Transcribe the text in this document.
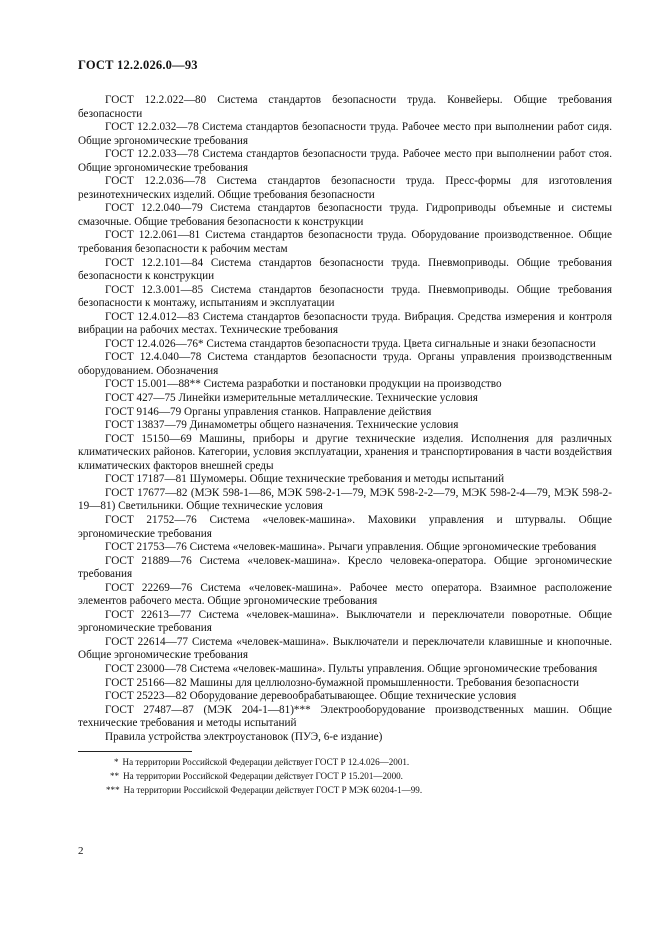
ГОСТ 12.2.026.0—93

ГОСТ 12.2.022—80 Система стандартов безопасности труда. Конвейеры. Общие требования безопасности

ГОСТ 12.2.032—78 Система стандартов безопасности труда. Рабочее место при выполнении работ сидя. Общие эргономические требования

ГОСТ 12.2.033—78 Система стандартов безопасности труда. Рабочее место при выполнении работ стоя. Общие эргономические требования

ГОСТ 12.2.036—78 Система стандартов безопасности труда. Пресс-формы для изготовления резинотехнических изделий. Общие требования безопасности

ГОСТ 12.2.040—79 Система стандартов безопасности труда. Гидроприводы объемные и системы смазочные. Общие требования безопасности к конструкции

ГОСТ 12.2.061—81 Система стандартов безопасности труда. Оборудование производственное. Общие требования безопасности к рабочим местам

ГОСТ 12.2.101—84 Система стандартов безопасности труда. Пневмоприводы. Общие требования безопасности к конструкции

ГОСТ 12.3.001—85 Система стандартов безопасности труда. Пневмоприводы. Общие требования безопасности к монтажу, испытаниям и эксплуатации

ГОСТ 12.4.012—83 Система стандартов безопасности труда. Вибрация. Средства измерения и контроля вибрации на рабочих местах. Технические требования

ГОСТ 12.4.026—76* Система стандартов безопасности труда. Цвета сигнальные и знаки безопасности

ГОСТ 12.4.040—78 Система стандартов безопасности труда. Органы управления производственным оборудованием. Обозначения

ГОСТ 15.001—88** Система разработки и постановки продукции на производство

ГОСТ 427—75 Линейки измерительные металлические. Технические условия

ГОСТ 9146—79 Органы управления станков. Направление действия

ГОСТ 13837—79 Динамометры общего назначения. Технические условия

ГОСТ 15150—69 Машины, приборы и другие технические изделия. Исполнения для различных климатических районов. Категории, условия эксплуатации, хранения и транспортирования в части воздействия климатических факторов внешней среды

ГОСТ 17187—81 Шумомеры. Общие технические требования и методы испытаний

ГОСТ 17677—82 (МЭК 598-1—86, МЭК 598-2-1—79, МЭК 598-2-2—79, МЭК 598-2-4—79, МЭК 598-2-19—81) Светильники. Общие технические условия

ГОСТ 21752—76 Система «человек-машина». Маховики управления и штурвалы. Общие эргономические требования

ГОСТ 21753—76 Система «человек-машина». Рычаги управления. Общие эргономические требования

ГОСТ 21889—76 Система «человек-машина». Кресло человека-оператора. Общие эргономические требования

ГОСТ 22269—76 Система «человек-машина». Рабочее место оператора. Взаимное расположение элементов рабочего места. Общие эргономические требования

ГОСТ 22613—77 Система «человек-машина». Выключатели и переключатели поворотные. Общие эргономические требования

ГОСТ 22614—77 Система «человек-машина». Выключатели и переключатели клавишные и кнопочные. Общие эргономические требования

ГОСТ 23000—78 Система «человек-машина». Пульты управления. Общие эргономические требования

ГОСТ 25166—82 Машины для целлюлозно-бумажной промышленности. Требования безопасности

ГОСТ 25223—82 Оборудование деревообрабатывающее. Общие технические условия

ГОСТ 27487—87 (МЭК 204-1—81)*** Электрооборудование производственных машин. Общие технические требования и методы испытаний

Правила устройства электроустановок (ПУЭ, 6-е издание)

* На территории Российской Федерации действует ГОСТ Р 12.4.026—2001.

** На территории Российской Федерации действует ГОСТ Р 15.201—2000.

*** На территории Российской Федерации действует ГОСТ Р МЭК 60204-1—99.

2
